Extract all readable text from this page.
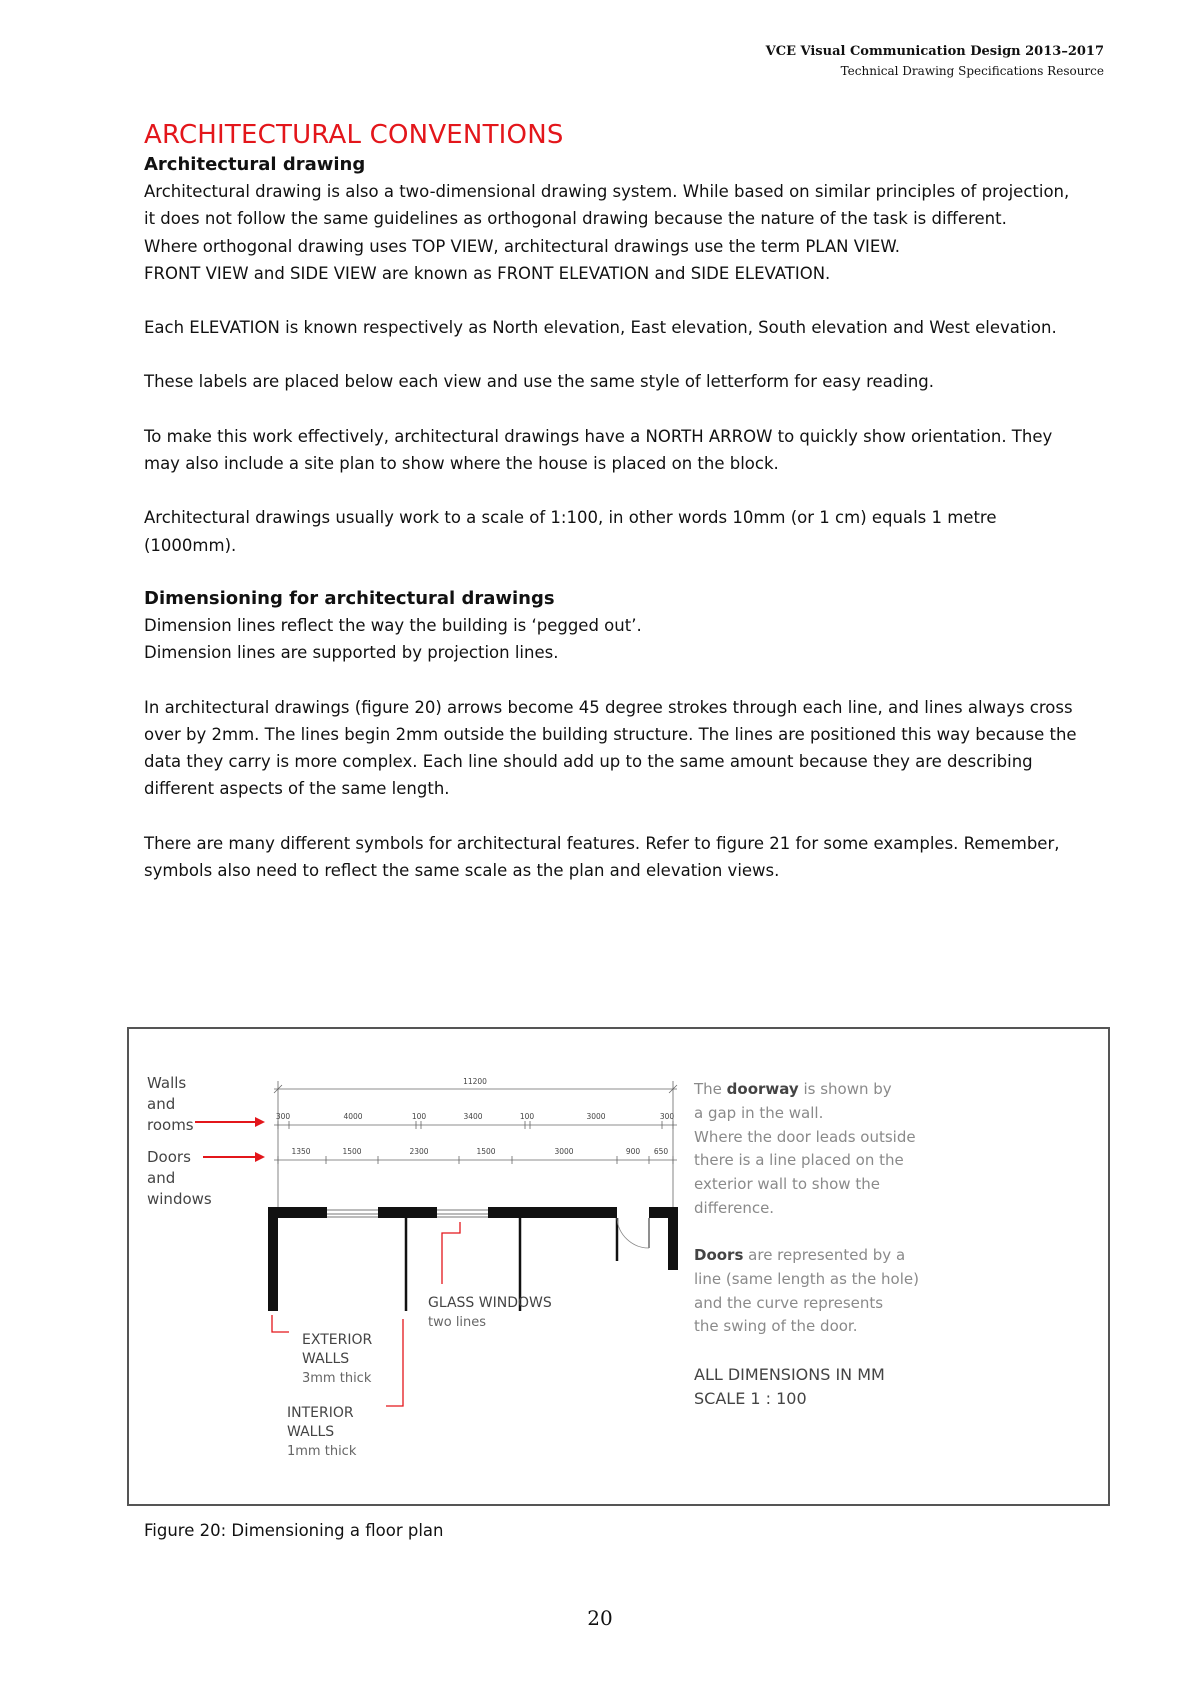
VCE Visual Communication Design 2013–2017
Technical Drawing Specifications Resource
ARCHITECTURAL CONVENTIONS
Architectural drawing

Architectural drawing is also a two-dimensional drawing system. While based on similar principles of projection, it does not follow the same guidelines as orthogonal drawing because the nature of the task is different.

Where orthogonal drawing uses TOP VIEW, architectural drawings use the term PLAN VIEW.

FRONT VIEW and SIDE VIEW are known as FRONT ELEVATION and SIDE ELEVATION.

Each ELEVATION is known respectively as North elevation, East elevation, South elevation and West elevation.

These labels are placed below each view and use the same style of letterform for easy reading.

To make this work effectively, architectural drawings have a NORTH ARROW to quickly show orientation. They may also include a site plan to show where the house is placed on the block.

Architectural drawings usually work to a scale of 1:100, in other words 10mm (or 1 cm) equals 1 metre (1000mm).

Dimensioning for architectural drawings

Dimension lines reflect the way the building is ‘pegged out’.

Dimension lines are supported by projection lines.

In architectural drawings (figure 20) arrows become 45 degree strokes through each line, and lines always cross over by 2mm. The lines begin 2mm outside the building structure. The lines are positioned this way because the data they carry is more complex. Each line should add up to the same amount because they are describing different aspects of the same length.

There are many different symbols for architectural features. Refer to figure 21 for some examples. Remember, symbols also need to reflect the same scale as the plan and elevation views.

Walls
and
rooms
Doors
and
windows
11200
300	4000	100	3400	100	3000	300
1350	1500	2300	1500	3000	900 650
GLASS WINDOWS
two lines
EXTERIOR
WALLS
3mm thick
INTERIOR
WALLS
1mm thick
The doorway is shown by
a gap in the wall.
Where the door leads outside
there is a line placed on the
exterior wall to show the
difference.
Doors are represented by a
line (same length as the hole)
and the curve represents
the swing of the door.
ALL DIMENSIONS IN MM
SCALE 1 : 100
Figure 20: Dimensioning a floor plan
20
